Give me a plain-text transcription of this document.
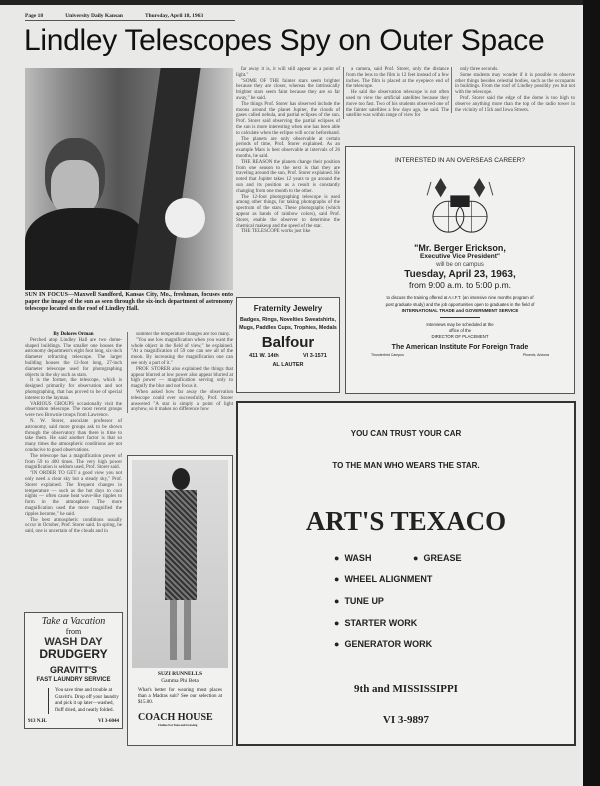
Page 18	University Daily Kansan	Thursday, April 18, 1963
Lindley Telescopes Spy on Outer Space
SUN IN FOCUS—Maxwell Sandford, Kansas City, Mo., freshman, focuses onto paper the image of the sun as seen through the six-inch department of astronomy telescope located on the roof of Lindley Hall.

By Dolores Orman

Perched atop Lindley Hall are two dome-shaped buildings. The smaller one houses the astronomy department's eight foot long, six-inch diameter refracting telescope. The larger building houses the 12-foot long, 27-inch diameter telescope used for photographing objects in the sky such as stars.

It is the former, the telescope, which is designed primarily for observation and not photographing, that has proved to be of special interest to the layman.

VARIOUS GROUPS occasionally visit the observation telescope. The most recent groups were two Brownie troops from Lawrence.

N. W. Storer, associate professor of astronomy, said more groups ask to be shown through the observatory than there is time to take them. He said another factor is that so many times the atmospheric conditions are not conducive to good observations.

The telescope has a magnification power of from 59 to 400 times. The very high power magnification is seldom used, Prof. Storer said.

"IN ORDER TO GET a good view you not only need a clear sky but a steady sky," Prof. Storer explained. The frequent changes in temperature — such as the hot days to cool nights — often cause heat wave-like ripples to form in the atmosphere. The more magnification used the more magnified the ripples become," he said.

The best atmospheric conditions usually occur in October, Prof. Storer said. In spring, he said, one is uncertain of the clouds and in

summer the temperature changes are too many.

"You use low magnification when you want the whole object in the field of view," he explained. "At a magnification of 59 one can see all of the moon. By increasing the magnification one can see only a part of it."

PROF. STORER also explained the things that appear blurred at low power also appear blurred at high power — magnification serving only to magnify the blur and not focus it.

When asked how far away the observation telescope could ever successfully, Prof. Storer answered "A star is simply a point of light anyhow, so it makes no difference how

far away it is, it will still appear as a point of light."

"SOME OF THE fainter stars seem brighter because they are closer, whereas the intrinsically brighter stars seem faint because they are so far away," he said.

The things Prof. Storer has observed include the moons around the planet Jupiter, the clouds of gases called nebula, and partial eclipses of the sun. Prof. Storer said observing the partial eclipses of the sun is more interesting when one has been able to calculate when the eclipse will occur beforehand.

The planets are only observable at certain periods of time, Prof. Storer explained. As an example Mars is best observable at intervals of 26 months, he said.

THE REASON the planets change their position from one season to the next is that they are traveling around the sun, Prof. Storer explained. He noted that Jupiter takes 12 years to go around the sun and its position as a result is constantly changing from one month to the other.

The 12-foot photographing telescope is used among other things, for taking photographs of the spectrum of the stars. These photographs (which appear as bands of rainbow colors), said Prof. Storer, enable the observer to determine the chemical makeup and the speed of the star.

THE TELESCOPE works just like

a camera, said Prof. Storer, only the distance from the lens to the film is 12 feet instead of a few inches. The film is placed at the eyepiece end of the telescope.

He said the observation telescope is not often used to view the artificial satellites because they move too fast. Two of his students observed one of the fainter satellites a few days ago, he said. The satellite was within range of view for

only three seconds.

Some students may wonder if it is possible to observe other things besides celestial bodies, such as the occupants in buildings. From the roof of Lindley possibly yes but not with the telescope.

Prof. Storer said the edge of the dome is too high to observe anything more than the top of the radio tower in the vicinity of 15th and Iowa Streets.

Take a Vacation
from
WASH DAY
DRUDGERY
GRAVITT'S
FAST LAUNDRY SERVICE
You save time and trouble at Gravitt's. Drop off your laundry and pick it up later—washed, fluff dried, and neatly folded.
913 N.H.	VI 3-6044
SUZI RUNNELLS
Gamma Phi Beta
What's better for wearing most places than a Madras suit? See our selection at $15.00.
COACH HOUSE
Clothes For Teen and Growing
Fraternity Jewelry
Badges, Rings, Novelties Sweatshirts, Mugs, Paddles Cups, Trophies, Medals
Balfour
411 W. 14th	VI 3-1571
AL LAUTER
INTERESTED IN AN OVERSEAS CAREER?
"Mr. Berger Erickson,
Executive Vice President"
will be on campus
Tuesday, April 23, 1963,
from 9:00 a.m. to 5:00 p.m.
to discuss the training offered at A.I.F.T. (an intensive nine months program of post graduate study) and the job opportunities open to graduates in the field of
INTERNATIONAL TRADE and GOVERNMENT SERVICE
Interviews may be scheduled at the office of the
DIRECTOR OF PLACEMENT
The American Institute For Foreign Trade
Thunderbird Campus	Phoenix, Arizona
YOU CAN TRUST YOUR CAR
TO THE MAN WHO WEARS THE STAR.
ART'S TEXACO
●  WASH	●  GREASE
●  WHEEL ALIGNMENT
●  TUNE UP
●  STARTER WORK
●  GENERATOR WORK
9th and MISSISSIPPI
VI 3-9897
